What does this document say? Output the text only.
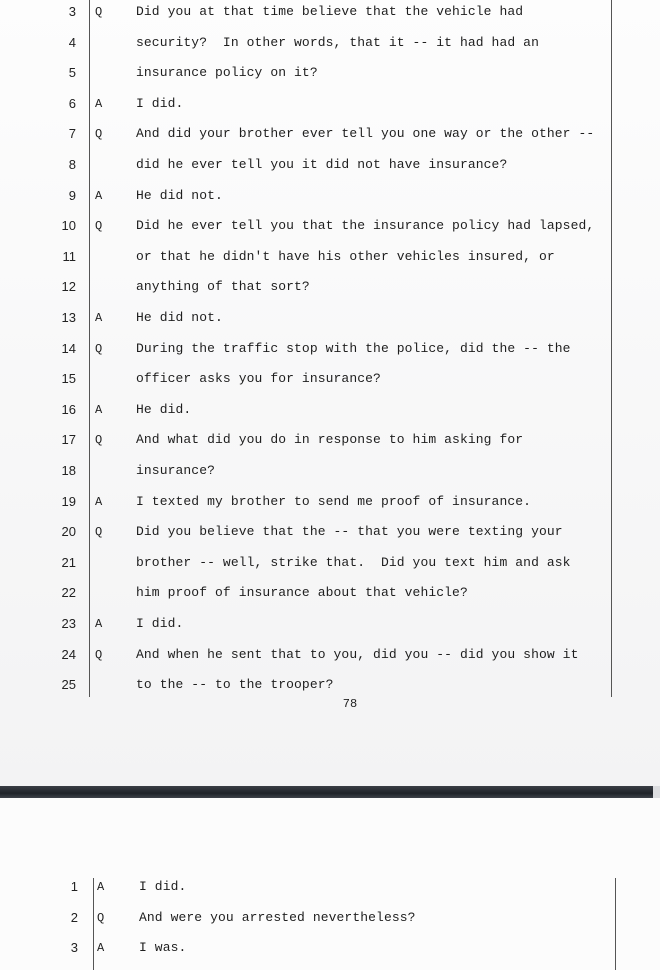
3 Q	Did you at that time believe that the vehicle had
4	security?  In other words, that it -- it had had an
5	insurance policy on it?
6 A	I did.
7 Q	And did your brother ever tell you one way or the other --
8	did he ever tell you it did not have insurance?
9 A	He did not.
10 Q	Did he ever tell you that the insurance policy had lapsed,
11	or that he didn't have his other vehicles insured, or
12	anything of that sort?
13 A	He did not.
14 Q	During the traffic stop with the police, did the -- the
15	officer asks you for insurance?
16 A	He did.
17 Q	And what did you do in response to him asking for
18	insurance?
19 A	I texted my brother to send me proof of insurance.
20 Q	Did you believe that the -- that you were texting your
21	brother -- well, strike that.  Did you text him and ask
22	him proof of insurance about that vehicle?
23 A	I did.
24 Q	And when he sent that to you, did you -- did you show it
25	to the -- to the trooper?
78
1 A	I did.
2 Q	And were you arrested nevertheless?
3 A	I was.
